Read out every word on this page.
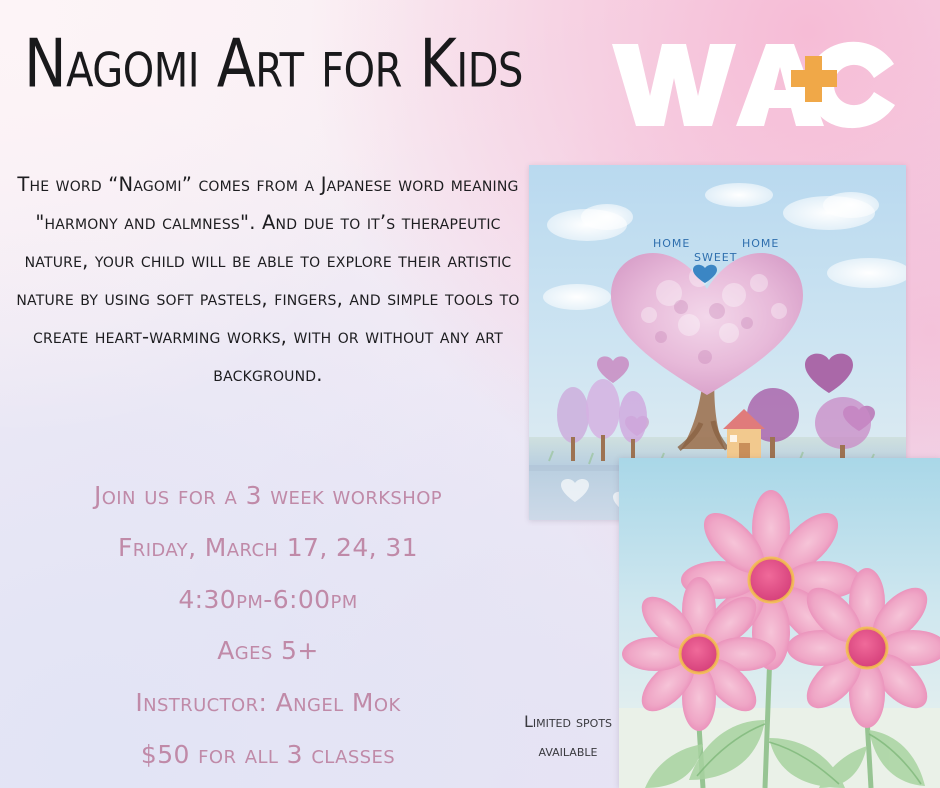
Nagomi Art for Kids

The word “Nagomi” comes from a Japanese word meaning "harmony and calmness". And due to it’s therapeutic nature, your child will be able to explore their artistic nature by using soft pastels, fingers, and simple tools to create heart-warming works, with or without any art background.

Join us for a 3 week workshop
Friday, March 17, 24, 31
4:30pm-6:00pm
Ages 5+
Instructor: Angel Mok
$50 for all 3 classes
Limited spots
available
HOME
SWEET
HOME
